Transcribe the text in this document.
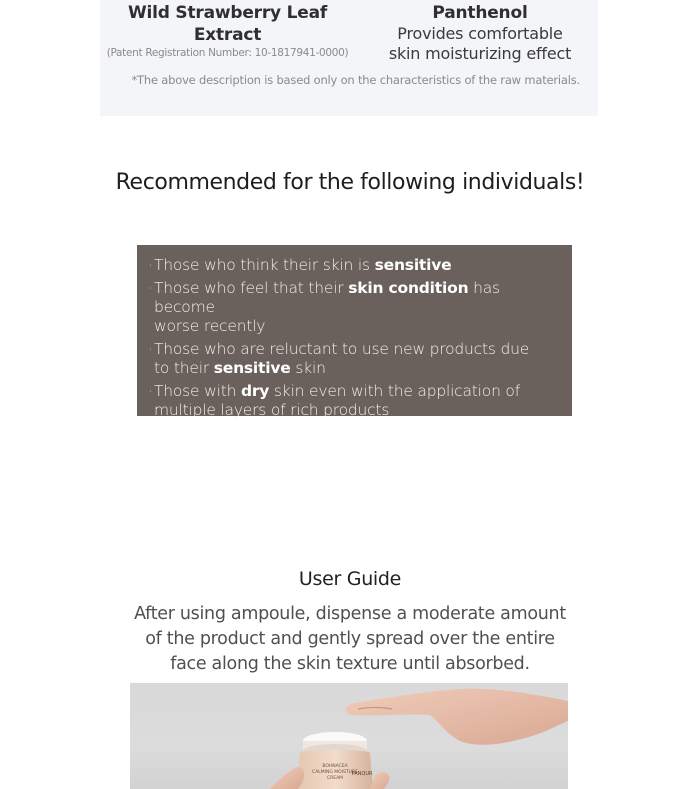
Wild Strawberry Leaf Extract
(Patent Registration Number: 10-1817941-0000)
Panthenol
Provides comfortable
skin moisturizing effect
*The above description is based only on the characteristics of the raw materials.
Recommended for the following individuals!
· Those who think their skin is sensitive
· Those who feel that their skin condition has become
worse recently
· Those who are reluctant to use new products due
to their sensitive skin
· Those with dry skin even with the application of
multiple layers of rich products
User Guide
After using ampoule, dispense a moderate amount
of the product and gently spread over the entire
face along the skin texture until absorbed.
BOHNACEA
CALMING MOISTURE
CREAM
PANQUR
